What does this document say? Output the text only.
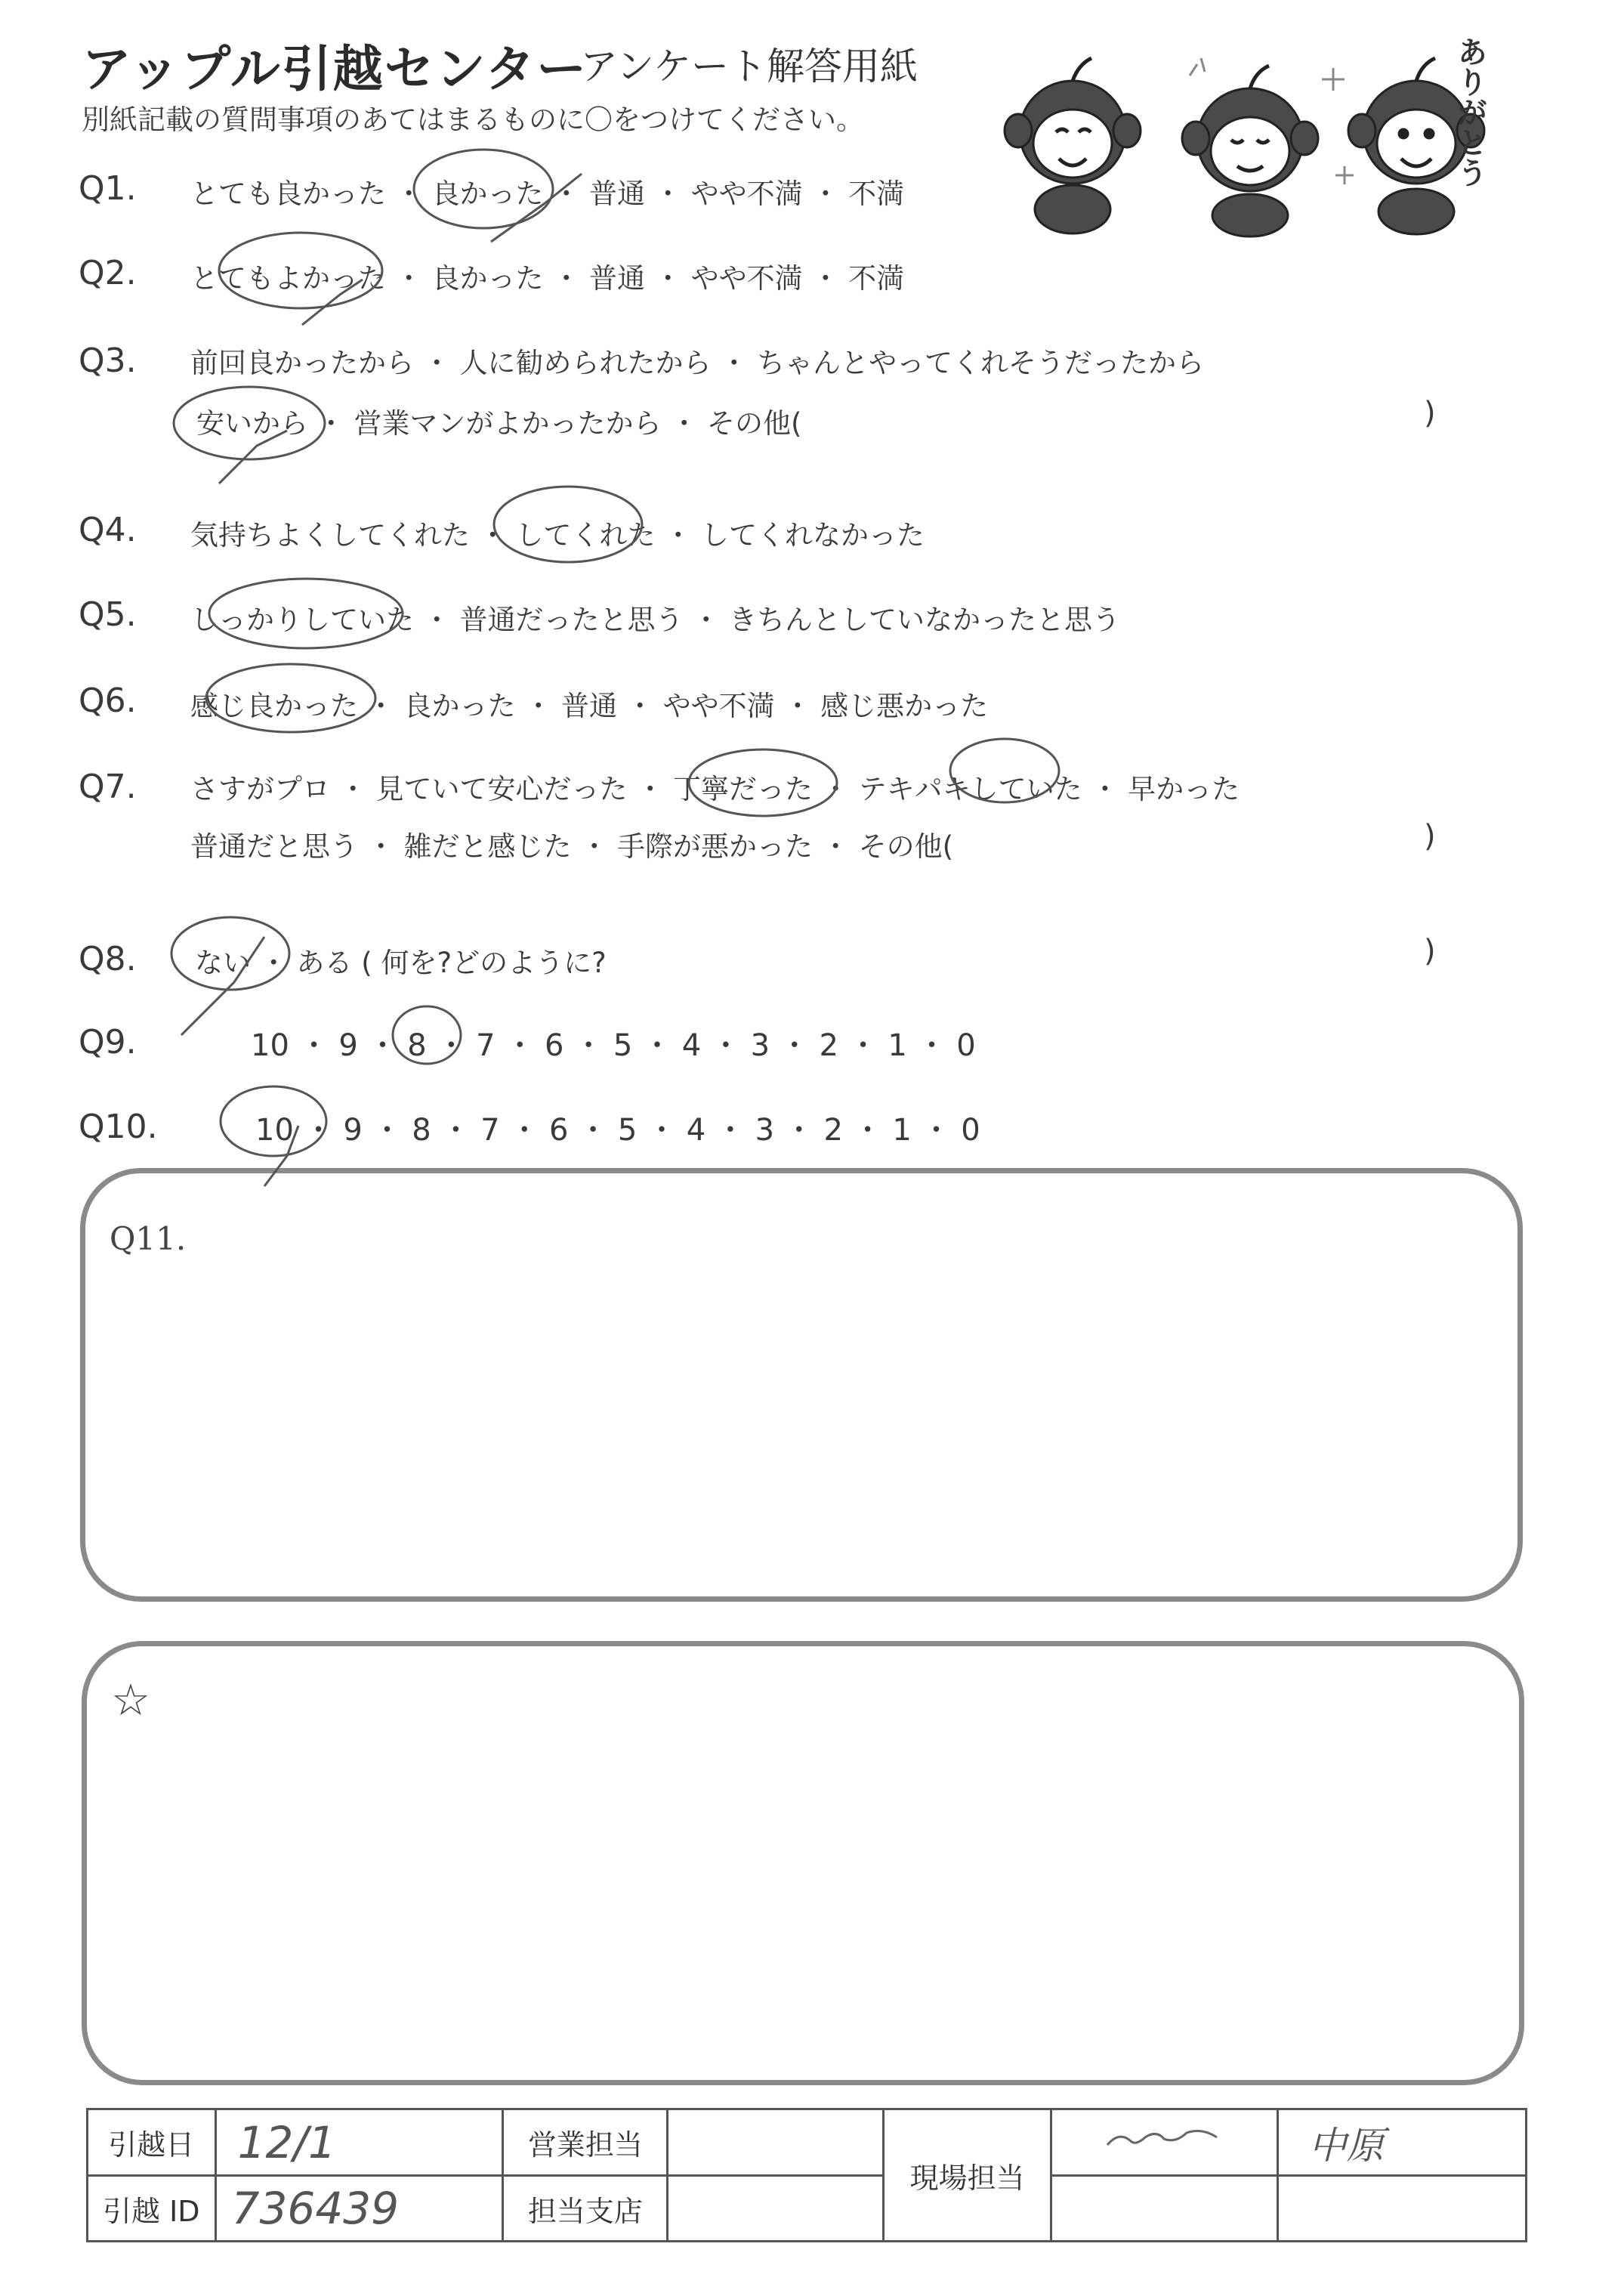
アップル引越センター
アンケート解答用紙
別紙記載の質問事項のあてはまるものに〇をつけてください。	ありがとう
Q1. とても良かった ・ 良かった ・ 普通 ・ やや不満 ・ 不満
Q2. とてもよかった ・ 良かった ・ 普通 ・ やや不満 ・ 不満
Q3. 前回良かったから ・ 人に勧められたから ・ ちゃんとやってくれそうだったから
安いから ・ 営業マンがよかったから ・ その他(	)
Q4. 気持ちよくしてくれた ・ してくれた ・ してくれなかった
Q5. しっかりしていた ・ 普通だったと思う ・ きちんとしていなかったと思う
Q6. 感じ良かった ・ 良かった ・ 普通 ・ やや不満 ・ 感じ悪かった
Q7. さすがプロ ・ 見ていて安心だった ・ 丁寧だった ・ テキパキしていた ・ 早かった
普通だと思う ・ 雑だと感じた ・ 手際が悪かった ・ その他(	)
Q8. ない ・ ある ( 何を?どのように?	)
Q9.	10 ・ 9 ・ 8 ・ 7 ・ 6 ・ 5 ・ 4 ・ 3 ・ 2 ・ 1 ・ 0
Q10.	10 ・ 9 ・ 8 ・ 7 ・ 6 ・ 5 ・ 4 ・ 3 ・ 2 ・ 1 ・ 0
Q11.
☆
引越日	12/1	営業担当		現場担当		中原
引越 ID	736439	担当支店				
